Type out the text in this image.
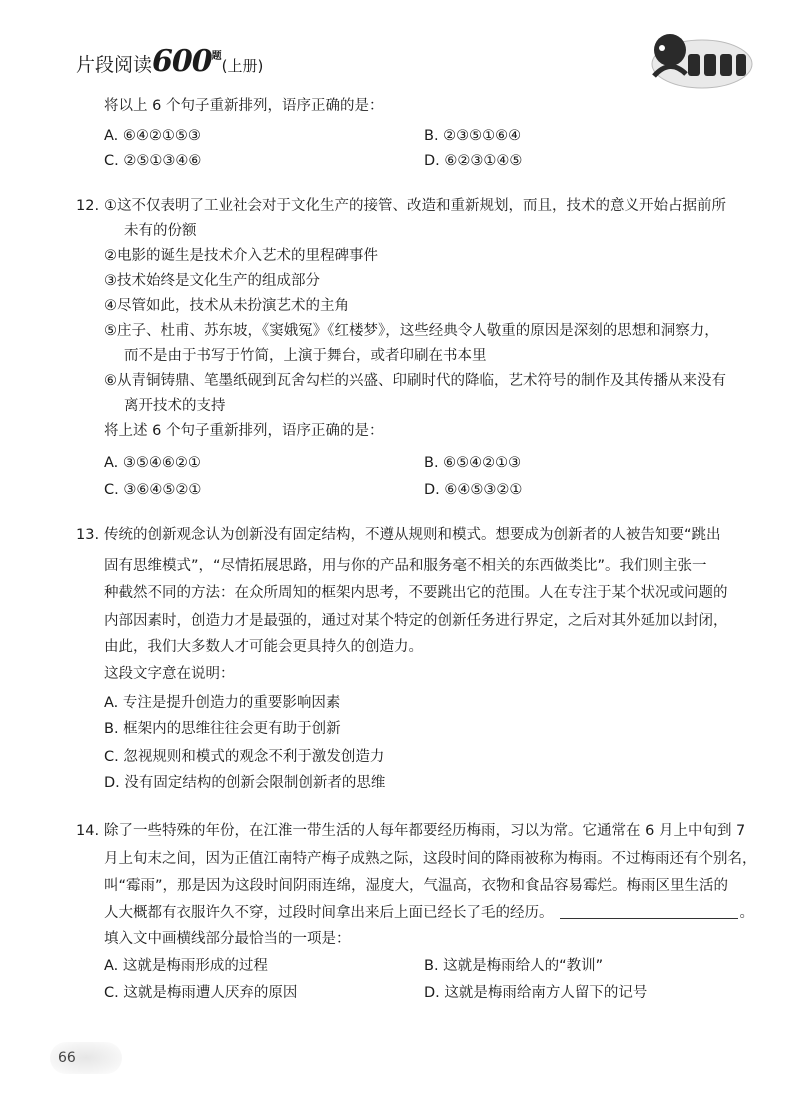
片段阅读$600^题$(上册)
将以上 6 个句子重新排列，语序正确的是：
A. ⑥④②①⑤③	B. ②③⑤①⑥④
C. ②⑤①③④⑥	D. ⑥②③①④⑤
12. ①这不仅表明了工业社会对于文化生产的接管、改造和重新规划，而且，技术的意义开始占据前所
未有的份额
②电影的诞生是技术介入艺术的里程碑事件
③技术始终是文化生产的组成部分
④尽管如此，技术从未扮演艺术的主角
⑤庄子、杜甫、苏东坡，《窦娥冤》《红楼梦》，这些经典令人敬重的原因是深刻的思想和洞察力，
而不是由于书写于竹简，上演于舞台，或者印刷在书本里
⑥从青铜铸鼎、笔墨纸砚到瓦舍勾栏的兴盛、印刷时代的降临，艺术符号的制作及其传播从来没有
离开技术的支持
将上述 6 个句子重新排列，语序正确的是：
A. ③⑤④⑥②①	B. ⑥⑤④②①③
C. ③⑥④⑤②①	D. ⑥④⑤③②①
13. 传统的创新观念认为创新没有固定结构，不遵从规则和模式。想要成为创新者的人被告知要“跳出
固有思维模式”，“尽情拓展思路，用与你的产品和服务毫不相关的东西做类比”。我们则主张一
种截然不同的方法：在众所周知的框架内思考，不要跳出它的范围。人在专注于某个状况或问题的
内部因素时，创造力才是最强的，通过对某个特定的创新任务进行界定，之后对其外延加以封闭，
由此，我们大多数人才可能会更具持久的创造力。
这段文字意在说明：
A. 专注是提升创造力的重要影响因素
B. 框架内的思维往往会更有助于创新
C. 忽视规则和模式的观念不利于激发创造力
D. 没有固定结构的创新会限制创新者的思维
14. 除了一些特殊的年份，在江淮一带生活的人每年都要经历梅雨，习以为常。它通常在 6 月上中旬到 7
月上旬末之间，因为正值江南特产梅子成熟之际，这段时间的降雨被称为梅雨。不过梅雨还有个别名，
叫“霉雨”，那是因为这段时间阴雨连绵，湿度大，气温高，衣物和食品容易霉烂。梅雨区里生活的
人大概都有衣服许久不穿，过段时间拿出来后上面已经长了毛的经历。	。
填入文中画横线部分最恰当的一项是：
A. 这就是梅雨形成的过程	B. 这就是梅雨给人的“教训”
C. 这就是梅雨遭人厌弃的原因	D. 这就是梅雨给南方人留下的记号
66
